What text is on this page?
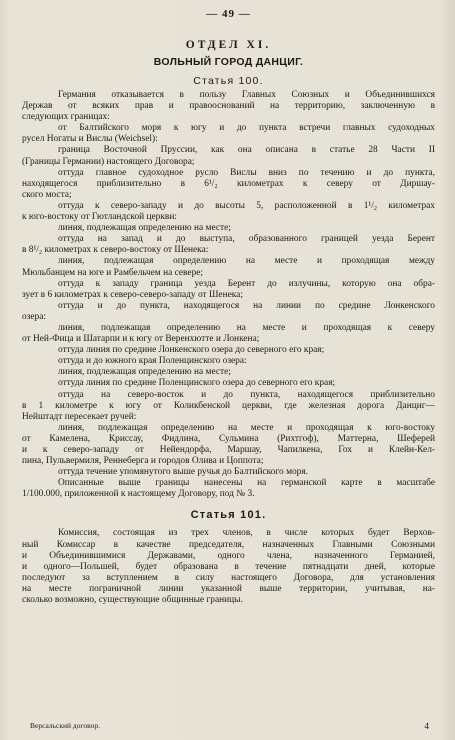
— 49 —
ОТДЕЛ XI.
ВОЛЬНЫЙ ГОРОД ДАНЦИГ.
Статья 100.
Германия отказывается в пользу Главных Союзных и Объединившихся
Держав от всяких прав и правооснований на территорию, заключенную в
следующих границах:
от Балтийского моря к югу и до пункта встречи главных судоходных
русел Ногаты и Вислы (Weichsel):
граница Восточной Пруссии, как она описана в статье 28 Части II
(Границы Германии) настоящего Договора;
оттуда главное судоходное русло Вислы вниз по течению и до пункта,
находящегося приблизительно в 6¹/₂ километрах к северу от Диршау-
ского моста;
оттуда к северо-западу и до высоты 5, расположенной в 1¹/₂ километрах
к юго-востоку от Гютландской церкви:
линия, подлежащая определению на месте;
оттуда на запад и до выступа, образованного границей уезда Берент
в 8¹/₂ километрах к северо-востоку от Шенека:
линия, подлежащая определению на месте и проходящая между
Мюльбанцем на юге и Рамбельчем на севере;
оттуда к западу граница уезда Берент до излучины, которую она обра-
зует в 6 километрах к северо-северо-западу от Шенека;
оттуда и до пункта, находящегося на линии по средине Лонкенского
озера:
линия, подлежащая определению на месте и проходящая к северу
от Ней-Фица и Шатарпи и к югу от Веренхютте и Лонкена;
оттуда линия по средине Лонкенского озера до северного его края;
оттуда и до южного края Поленцинского озера:
линия, подлежащая определению на месте;
оттуда линия по средине Поленцинского озера до северного его края;
оттуда на северо-восток и до пункта, находящегося приблизительно
в 1 километре к югу от Коликбенской церкви, где железная дорога Данциг—
Нейштадт пересекает ручей:
линия, подлежащая определению на месте и проходящая к юго-востоку
от Камелена, Криссау, Фидлина, Сульмина (Рихтгоф), Маттерна, Шеферей
и к северо-западу от Нейендорфа, Маршау, Чапилкена, Гох и Клейн-Кел-
пина, Пульвермиля, Реннеберга и городов Олива и Цоппота;
оттуда течение упомянутого выше ручья до Балтийского моря.
Описанные выше границы нанесены на германской карте в масштабе
1/100.000, приложенной к настоящему Договору, под № 3.
Статья 101.
Комиссия, состоящая из трех членов, в числе которых будет Верхов-
ный Комиссар в качестве председателя, назначенных Главными Союзными
и Объединившимися Державами, одного члена, назначенного Германией,
и одного—Польшей, будет образована в течение пятнадцати дней, которые
последуют за вступлением в силу настоящего Договора, для установления
на месте пограничной линии указанной выше территории, учитывая, на-
сколько возможно, существующие общинные границы.
Версальский договор.	4
